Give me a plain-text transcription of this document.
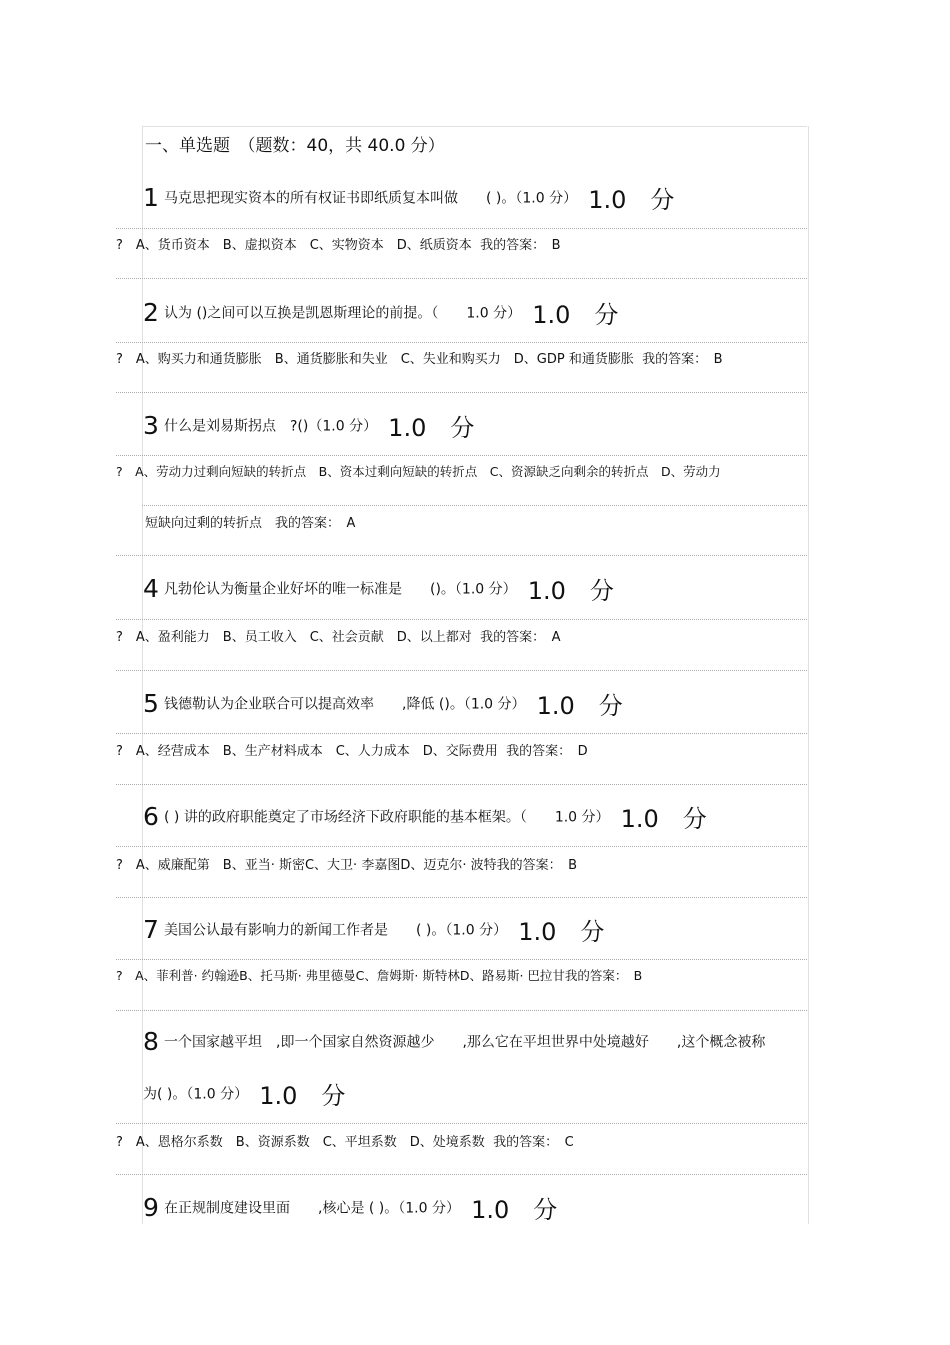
一、单选题　（题数：40，共 40.0 分）
1 马克思把现实资本的所有权证书即纸质复本叫做　　( )。（1.0 分） 1.0　分
?　A、货币资本　B、虚拟资本　C、实物资本　D、纸质资本  我的答案：　B
2 认为 ()之间可以互换是凯恩斯理论的前提。（　　1.0 分） 1.0　分
?　A、购买力和通货膨胀　B、通货膨胀和失业　C、失业和购买力　D、GDP 和通货膨胀  我的答案：　B
3 什么是刘易斯拐点　?()（1.0 分） 1.0　分
?　A、劳动力过剩向短缺的转折点　B、资本过剩向短缺的转折点　C、资源缺乏向剩余的转折点　D、劳动力
短缺向过剩的转折点　我的答案：　A
4 凡勃伦认为衡量企业好坏的唯一标准是　　()。（1.0 分） 1.0　分
?　A、盈利能力　B、员工收入　C、社会贡献　D、以上都对  我的答案：　A
5 钱德勒认为企业联合可以提高效率　　,降低 ()。（1.0 分） 1.0　分
?　A、经营成本　B、生产材料成本　C、人力成本　D、交际费用  我的答案：　D
6 ( ) 讲的政府职能奠定了市场经济下政府职能的基本框架。（　　1.0 分） 1.0　分
?　A、威廉配第　B、亚当· 斯密C、大卫· 李嘉图D、迈克尔· 波特我的答案：　B
7 美国公认最有影响力的新闻工作者是　　( )。（1.0 分） 1.0　分
?　A、菲利普· 约翰逊B、托马斯· 弗里德曼C、詹姆斯· 斯特林D、路易斯· 巴拉甘我的答案：　B
8 一个国家越平坦　,即一个国家自然资源越少　　,那么它在平坦世界中处境越好　　,这个概念被称
为( )。（1.0 分） 1.0　分
?　A、恩格尔系数　B、资源系数　C、平坦系数　D、处境系数  我的答案：　C
9 在正规制度建设里面　　,核心是 ( )。（1.0 分） 1.0　分
